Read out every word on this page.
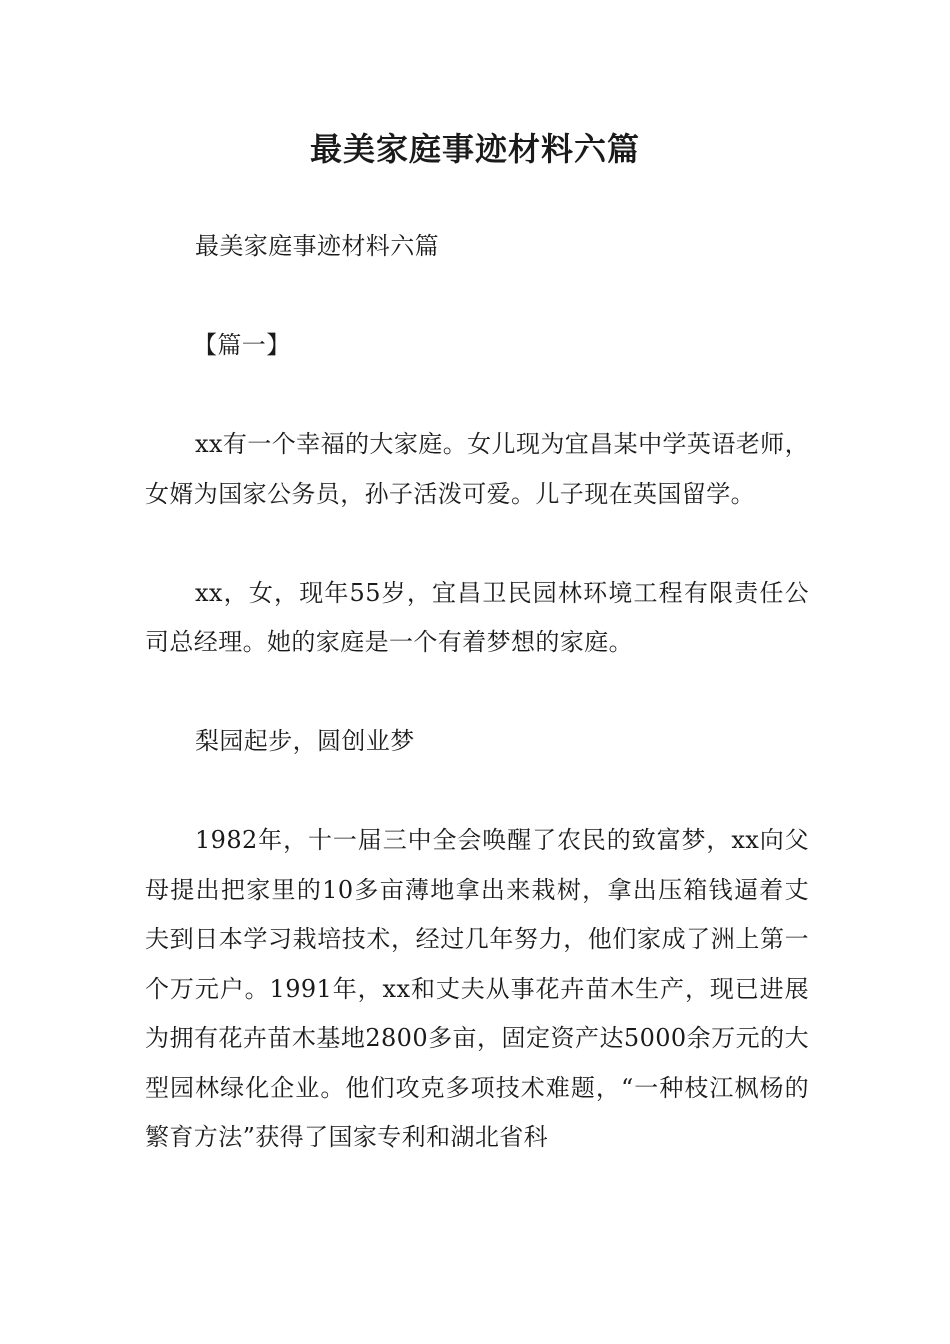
最美家庭事迹材料六篇

最美家庭事迹材料六篇

【篇一】

xx有一个幸福的大家庭。女儿现为宜昌某中学英语老师，女婿为国家公务员，孙子活泼可爱。儿子现在英国留学。

xx，女，现年55岁，宜昌卫民园林环境工程有限责任公司总经理。她的家庭是一个有着梦想的家庭。

梨园起步，圆创业梦

1982年，十一届三中全会唤醒了农民的致富梦，xx向父母提出把家里的10多亩薄地拿出来栽树，拿出压箱钱逼着丈夫到日本学习栽培技术，经过几年努力，他们家成了洲上第一个万元户。1991年，xx和丈夫从事花卉苗木生产，现已进展为拥有花卉苗木基地2800多亩，固定资产达5000余万元的大型园林绿化企业。他们攻克多项技术难题，“一种枝江枫杨的繁育方法”获得了国家专利和湖北省科
